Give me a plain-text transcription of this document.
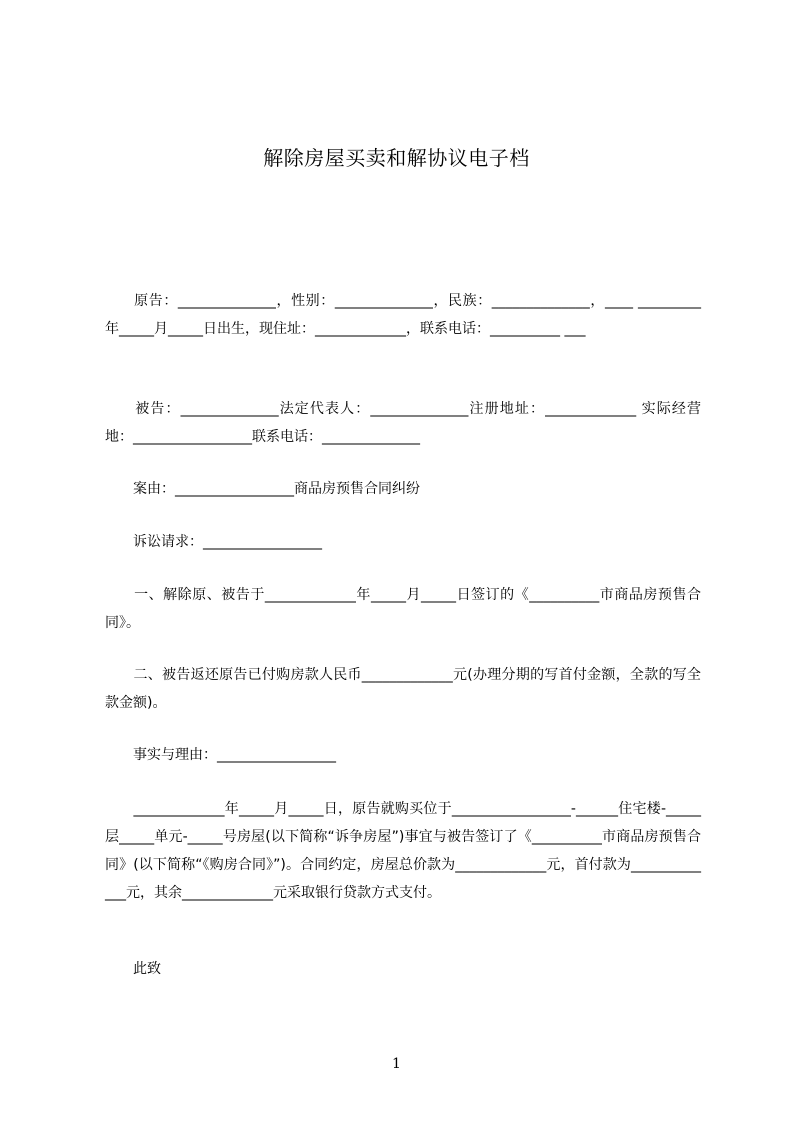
解除房屋买卖和解协议电子档
　　原告：______________，性别：______________，民族：______________，____ _________年_____月_____日出生，现住址：_____________，联系电话：__________ ___
　　被告：______________法定代表人：______________注册地址：_____________ 实际经营地：_________________联系电话：______________
　　案由：_________________商品房预售合同纠纷
　　诉讼请求：_________________
　　一、解除原、被告于_____________年_____月_____日签订的《__________市商品房预售合同》。
　　二、被告返还原告已付购房款人民币_____________元(办理分期的写首付金额，全款的写全款金额)。
　　事实与理由：_________________
　　_____________年_____月_____日，原告就购买位于_________________-______住宅楼-_____层_____单元-_____号房屋(以下简称“诉争房屋”)事宜与被告签订了《__________市商品房预售合同》(以下简称“《购房合同》”)。合同约定，房屋总价款为_____________元，首付款为_____________元，其余_____________元采取银行贷款方式支付。
　　此致
1
